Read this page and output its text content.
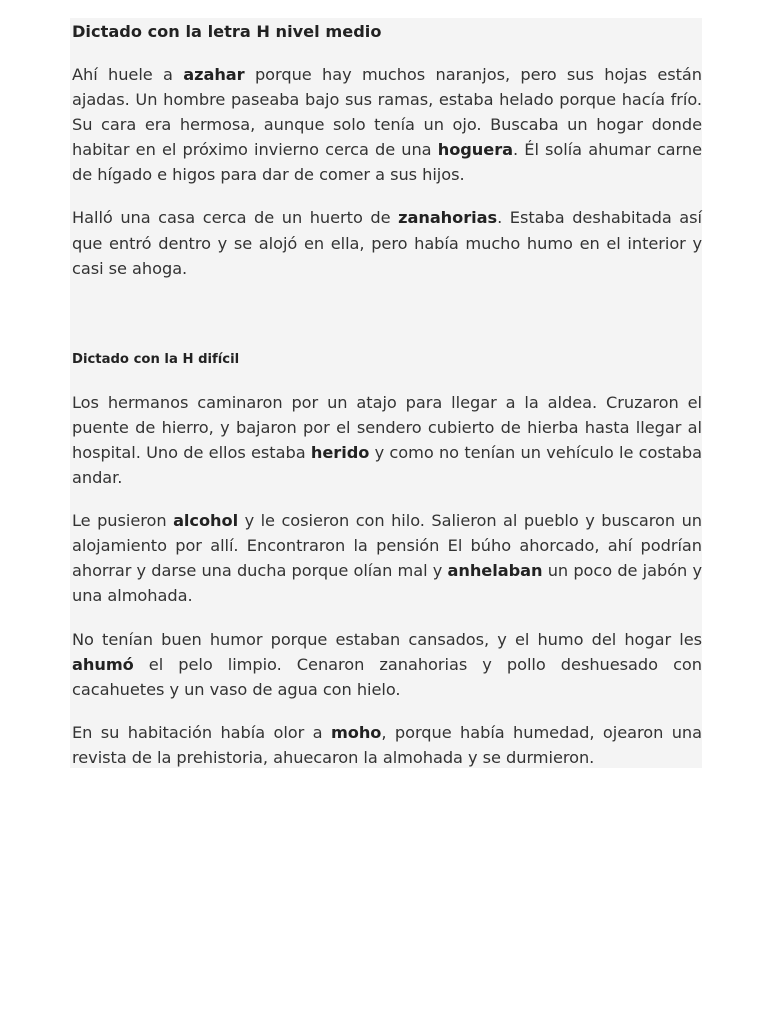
Dictado con la letra H nivel medio

Ahí huele a azahar porque hay muchos naranjos, pero sus hojas están ajadas. Un hombre paseaba bajo sus ramas, estaba helado porque hacía frío. Su cara era hermosa, aunque solo tenía un ojo. Buscaba un hogar donde habitar en el próximo invierno cerca de una hoguera. Él solía ahumar carne de hígado e higos para dar de comer a sus hijos.

Halló una casa cerca de un huerto de zanahorias. Estaba deshabitada así que entró dentro y se alojó en ella, pero había mucho humo en el interior y casi se ahoga.

Dictado con la H difícil

Los hermanos caminaron por un atajo para llegar a la aldea. Cruzaron el puente de hierro, y bajaron por el sendero cubierto de hierba hasta llegar al hospital. Uno de ellos estaba herido y como no tenían un vehículo le costaba andar.

Le pusieron alcohol y le cosieron con hilo. Salieron al pueblo y buscaron un alojamiento por allí. Encontraron la pensión El búho ahorcado, ahí podrían ahorrar y darse una ducha porque olían mal y anhelaban un poco de jabón y una almohada.

No tenían buen humor porque estaban cansados, y el humo del hogar les ahumó el pelo limpio. Cenaron zanahorias y pollo deshuesado con cacahuetes y un vaso de agua con hielo.

En su habitación había olor a moho, porque había humedad, ojearon una revista de la prehistoria, ahuecaron la almohada y se durmieron.
